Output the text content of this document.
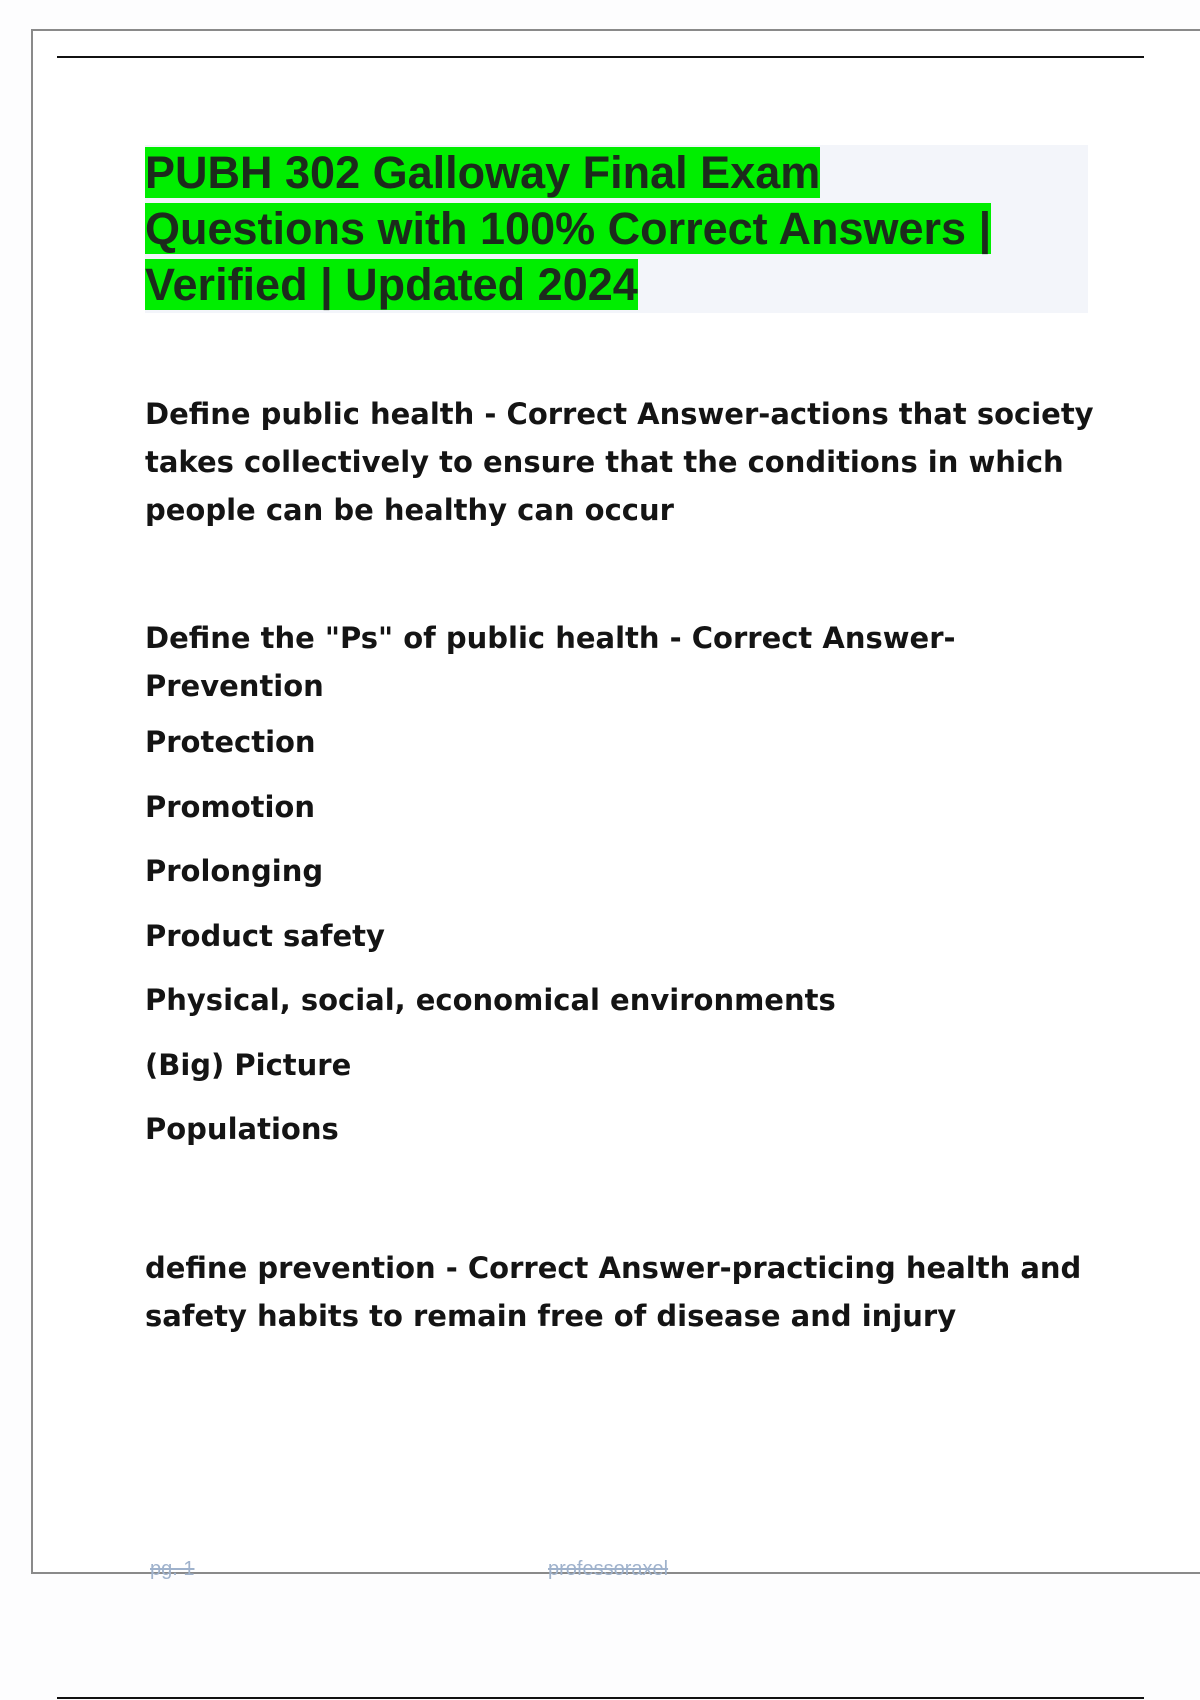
PUBH 302 Galloway Final Exam
Questions with 100% Correct Answers |
Verified | Updated 2024

Define public health - Correct Answer-actions that society takes collectively to ensure that the conditions in which people can be healthy can occur

Define the "Ps" of public health - Correct Answer-Prevention

Protection

Promotion

Prolonging

Product safety

Physical, social, economical environments

(Big) Picture

Populations

define prevention - Correct Answer-practicing health and safety habits to remain free of disease and injury

pg. 1	professoraxel
